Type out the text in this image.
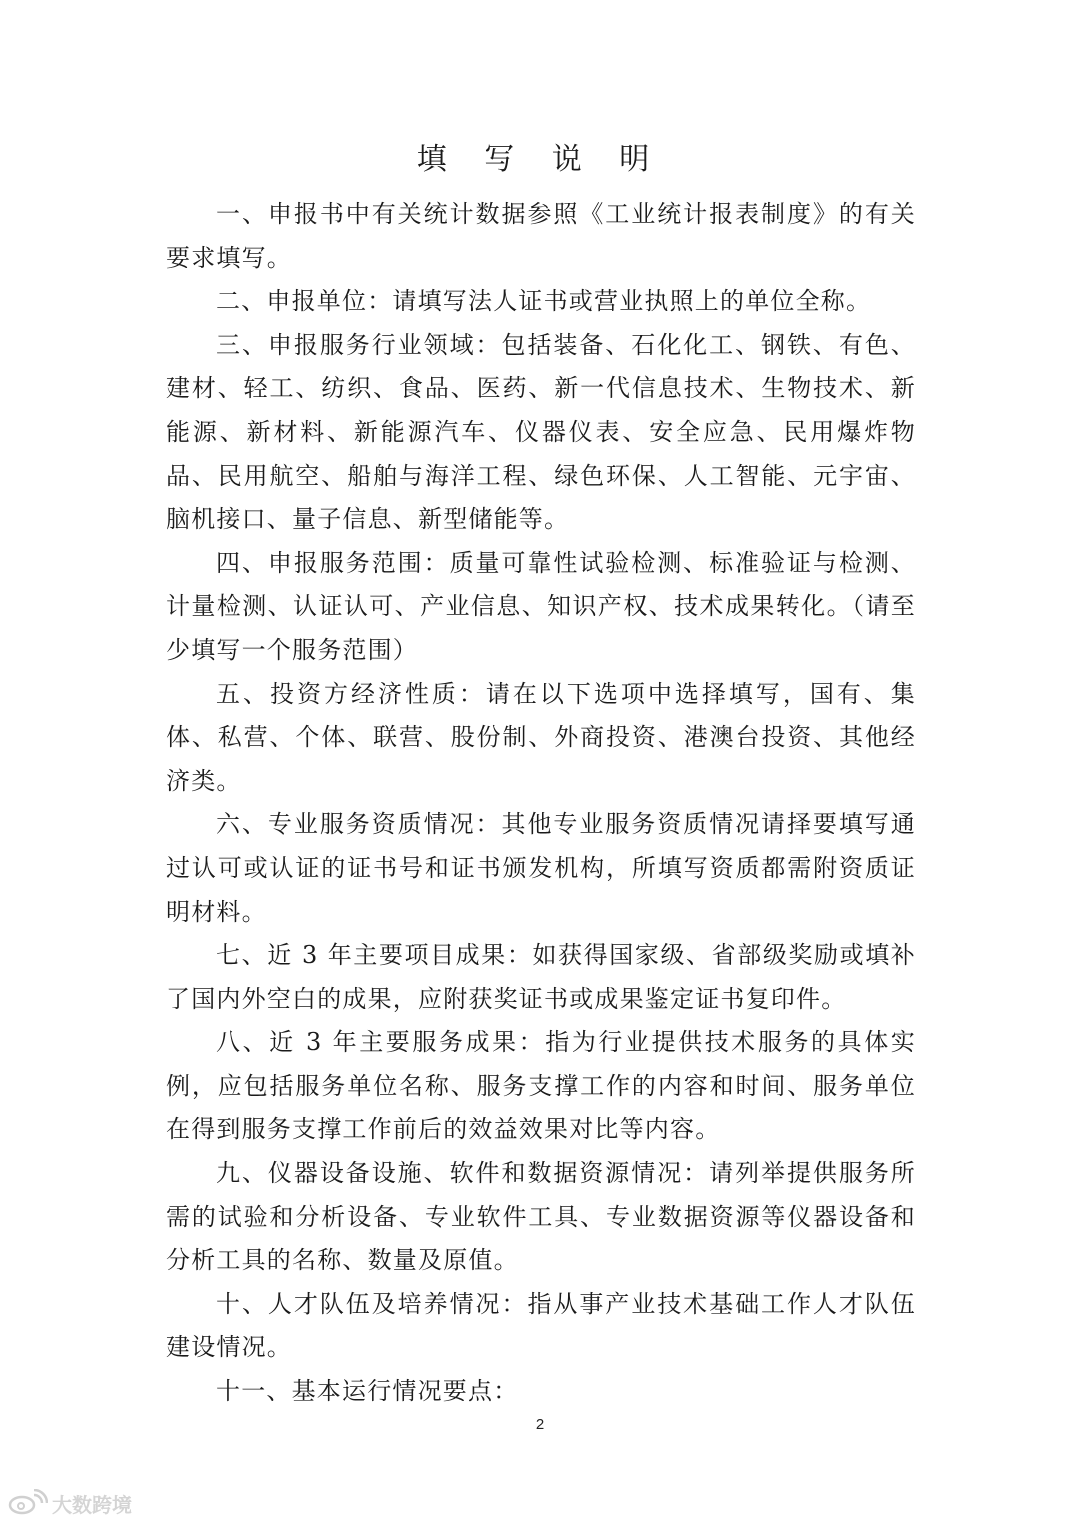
填 写 说 明

一、申报书中有关统计数据参照《工业统计报表制度》的有关要求填写。

二、申报单位：请填写法人证书或营业执照上的单位全称。

三、申报服务行业领域：包括装备、石化化工、钢铁、有色、建材、轻工、纺织、食品、医药、新一代信息技术、生物技术、新能源、新材料、新能源汽车、仪器仪表、安全应急、民用爆炸物品、民用航空、船舶与海洋工程、绿色环保、人工智能、元宇宙、脑机接口、量子信息、新型储能等。

四、申报服务范围：质量可靠性试验检测、标准验证与检测、计量检测、认证认可、产业信息、知识产权、技术成果转化。（请至少填写一个服务范围）

五、投资方经济性质：请在以下选项中选择填写，国有、集体、私营、个体、联营、股份制、外商投资、港澳台投资、其他经济类。

六、专业服务资质情况：其他专业服务资质情况请择要填写通过认可或认证的证书号和证书颁发机构，所填写资质都需附资质证明材料。

七、近 3 年主要项目成果：如获得国家级、省部级奖励或填补了国内外空白的成果，应附获奖证书或成果鉴定证书复印件。

八、近 3 年主要服务成果：指为行业提供技术服务的具体实例，应包括服务单位名称、服务支撑工作的内容和时间、服务单位在得到服务支撑工作前后的效益效果对比等内容。

九、仪器设备设施、软件和数据资源情况：请列举提供服务所需的试验和分析设备、专业软件工具、专业数据资源等仪器设备和分析工具的名称、数量及原值。

十、人才队伍及培养情况：指从事产业技术基础工作人才队伍建设情况。

十一、基本运行情况要点：

2
大数跨境
